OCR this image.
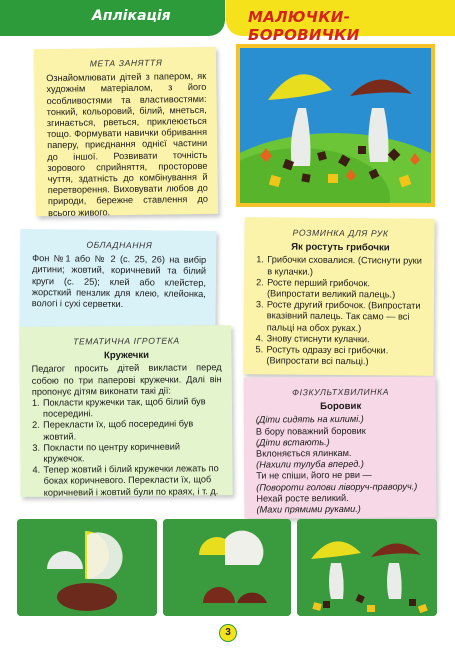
Аплікація	МАЛЮЧКИ-БОРОВИЧКИ
МЕТА ЗАНЯТТЯ

Ознайомлювати дітей з папером, як художнім матеріалом, з його особливостями та властивостями: тонкий, кольоровий, білий, мнеться, згинається, рветься, приклеюється тощо. Формувати навички обривання паперу, приєднання однієї частини до іншої. Розвивати точність зорового сприйняття, просторове чуття, здатність до комбінування й перетворення. Виховувати любов до природи, бережне ставлення до всього живого.

ОБЛАДНАННЯ

Фон №1 або № 2 (с. 25, 26) на вибір дитини; жовтий, коричневий та білий круги (с. 25); клей або клейстер, жорсткий пензлик для клею, клейонка, вологі і сухі серветки.

РОЗМИНКА ДЛЯ РУК
Як ростуть грибочки
1. Грибочки сховалися. (Стиснути руки в кулачки.)
2. Росте перший грибочок. (Випростати великий палець.)
3. Росте другий грибочок. (Випростати вказівний палець. Так само — всі пальці на обох руках.)
4. Знову стиснути кулачки.
5. Ростуть одразу всі грибочки. (Випростати всі пальці.)
ТЕМАТИЧНА ІГРОТЕКА
Кружечки

Педагог просить дітей викласти перед собою по три паперові кружечки. Далі він пропонує дітям виконати такі дії:

1. Покласти кружечки так, щоб білий був посередині.
2. Перекласти їх, щоб посередині був жовтий.
3. Покласти по центру коричневий кружечок.
4. Тепер жовтий і білий кружечки лежать по боках коричневого. Перекласти їх, щоб коричневий і жовтий були по краях, і т. д.
ФІЗКУЛЬТХВИЛИНКА
Боровик
(Діти сидять на килимі.)
В бору поважний боровик
(Діти встають.)
Вклоняється ялинкам.
(Нахили тулуба вперед.)
Ти не спіши, його не рви —
(Повороти голови ліворуч-праворуч.)
Нехай росте великий.
(Махи прямими руками.)
3
